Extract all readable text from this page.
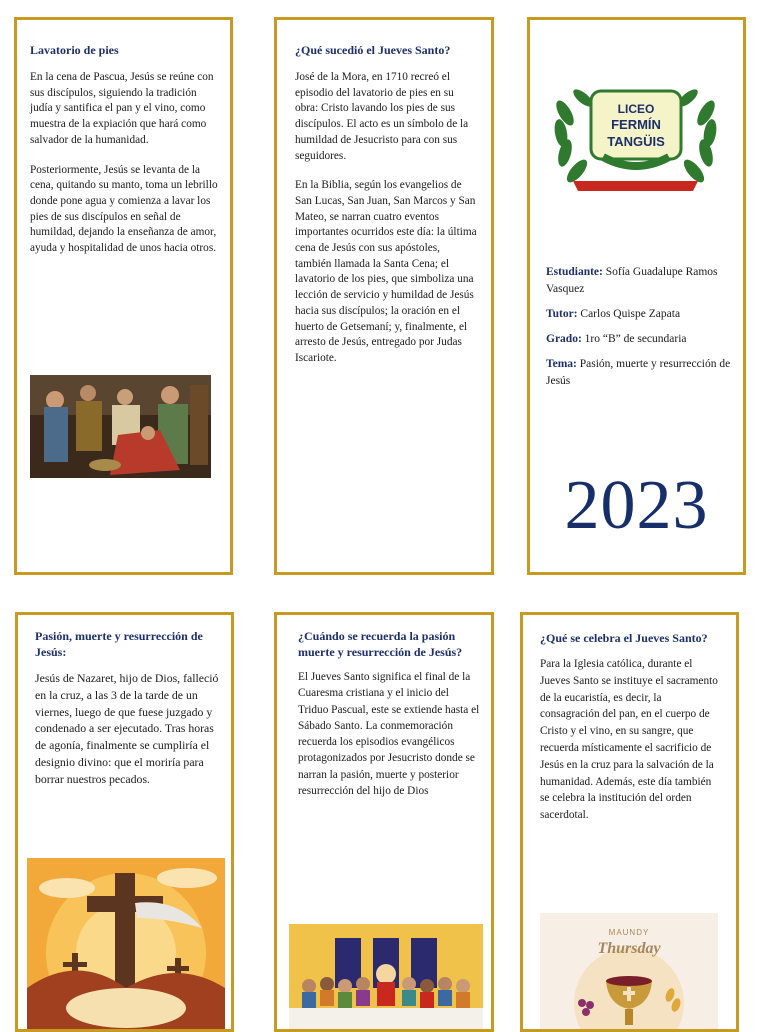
Lavatorio de pies

En la cena de Pascua, Jesús se reúne con sus discípulos, siguiendo la tradición judía y santifica el pan y el vino, como muestra de la expiación que hará como salvador de la humanidad.

Posteriormente, Jesús se levanta de la cena, quitando su manto, toma un lebrillo donde pone agua y comienza a lavar los pies de sus discípulos en señal de humildad, dejando la enseñanza de amor, ayuda y hospitalidad de unos hacia otros.

¿Qué sucedió el Jueves Santo?

José de la Mora, en 1710 recreó el episodio del lavatorio de pies en su obra: Cristo lavando los pies de sus discípulos. El acto es un símbolo de la humildad de Jesucristo para con sus seguidores.

En la Biblia, según los evangelios de San Lucas, San Juan, San Marcos y San Mateo, se narran cuatro eventos importantes ocurridos este día: la última cena de Jesús con sus apóstoles, también llamada la Santa Cena; el lavatorio de los pies, que simboliza una lección de servicio y humildad de Jesús hacia sus discípulos; la oración en el huerto de Getsemaní; y, finalmente, el arresto de Jesús, entregado por Judas Iscariote.

LICEO
FERMÍN
TANGÜIS

Estudiante: Sofía Guadalupe Ramos Vasquez

Tutor: Carlos Quispe Zapata

Grado: 1ro “B” de secundaria

Tema: Pasión, muerte y resurrección de Jesús

2023

Pasión, muerte y resurrección de Jesús:

Jesús de Nazaret, hijo de Dios, falleció en la cruz, a las 3 de la tarde de un viernes, luego de que fuese juzgado y condenado a ser ejecutado. Tras horas de agonía, finalmente se cumpliría el designio divino: que el moriría para borrar nuestros pecados.

¿Cuándo se recuerda la pasión muerte y resurrección de Jesús?

El Jueves Santo significa el final de la Cuaresma cristiana y el inicio del Triduo Pascual, este se extiende hasta el Sábado Santo. La conmemoración recuerda los episodios evangélicos protagonizados por Jesucristo donde se narran la pasión, muerte y posterior resurrección del hijo de Dios

¿Qué se celebra el Jueves Santo?

Para la Iglesia católica, durante el Jueves Santo se instituye el sacramento de la eucaristía, es decir, la consagración del pan, en el cuerpo de Cristo y el vino, en su sangre, que recuerda místicamente el sacrificio de Jesús en la cruz para la salvación de la humanidad. Además, este día también se celebra la institución del orden sacerdotal.

MAUNDY
Thursday
